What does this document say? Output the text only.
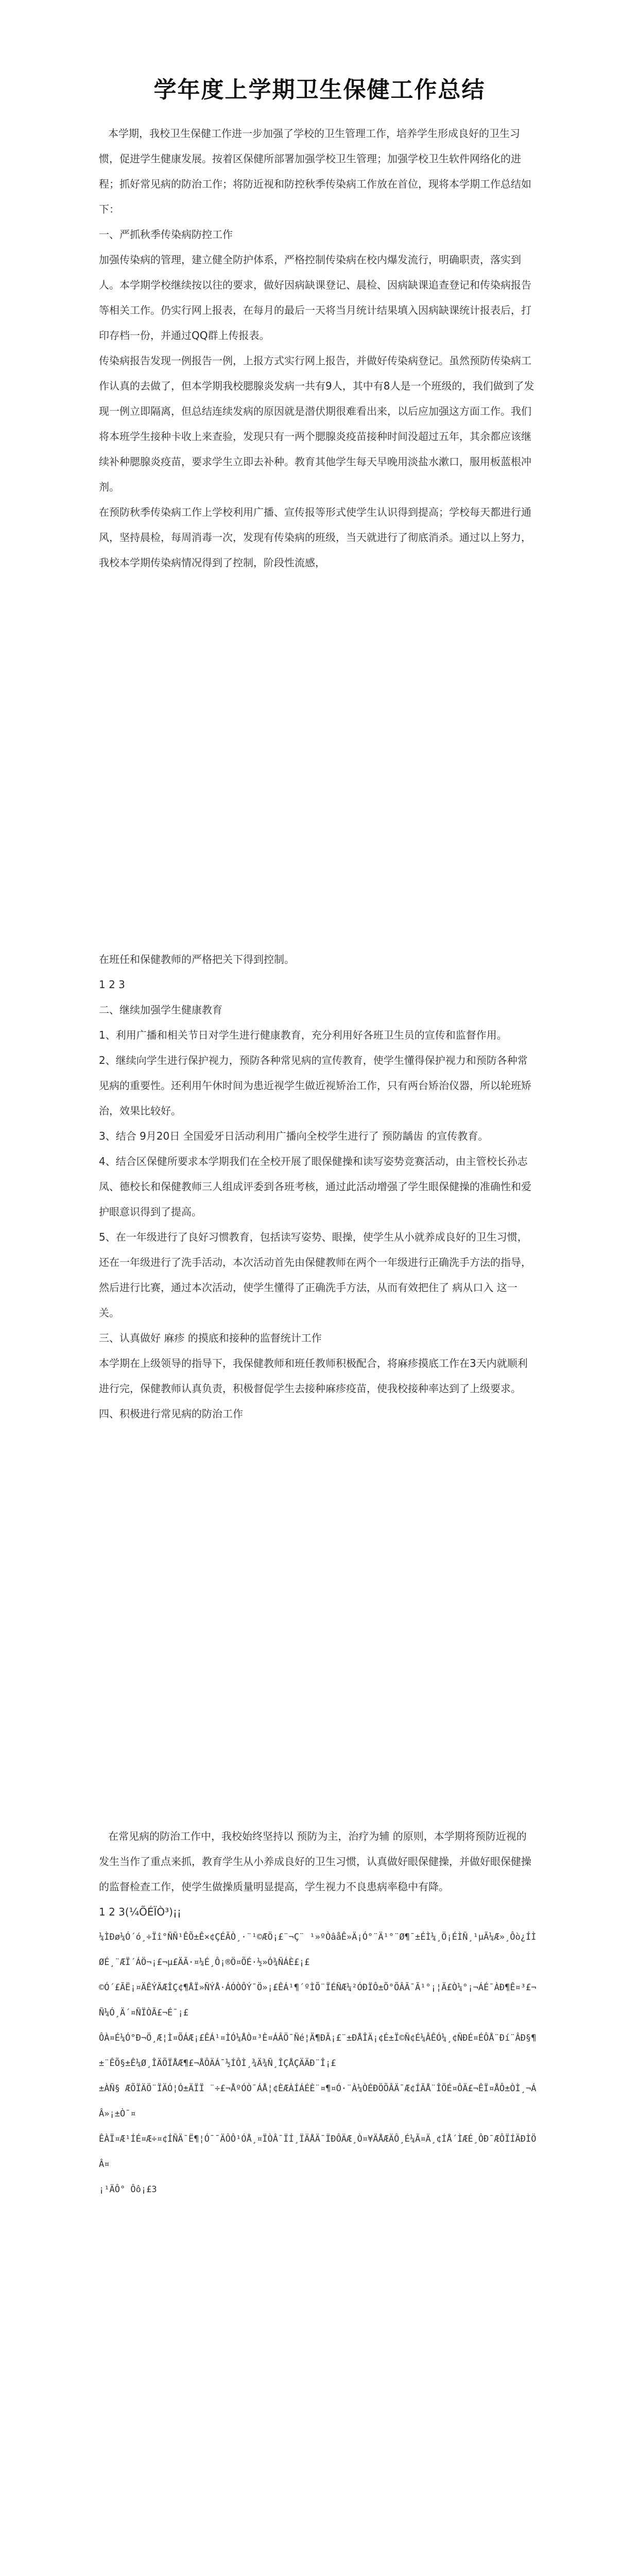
学年度上学期卫生保健工作总结

本学期，我校卫生保健工作进一步加强了学校的卫生管理工作，培养学生形成良好的卫生习惯，促进学生健康发展。按着区保健所部署加强学校卫生管理；加强学校卫生软件网络化的进程；抓好常见病的防治工作；将防近视和防控秋季传染病工作放在首位，现将本学期工作总结如下：

一、严抓秋季传染病防控工作

加强传染病的管理，建立健全防护体系，严格控制传染病在校内爆发流行，明确职责，落实到人。本学期学校继续按以往的要求，做好因病缺课登记、晨检、因病缺课追查登记和传染病报告等相关工作。仍实行网上报表，在每月的最后一天将当月统计结果填入因病缺课统计报表后，打印存档一份，并通过QQ群上传报表。

传染病报告发现一例报告一例，上报方式实行网上报告，并做好传染病登记。虽然预防传染病工作认真的去做了，但本学期我校腮腺炎发病一共有9人，其中有8人是一个班级的，我们做到了发现一例立即隔离，但总结连续发病的原因就是潜伏期很难看出来，以后应加强这方面工作。我们将本班学生接种卡收上来查验，发现只有一两个腮腺炎疫苗接种时间没超过五年，其余都应该继续补种腮腺炎疫苗，要求学生立即去补种。教育其他学生每天早晚用淡盐水漱口，服用板蓝根冲剂。

在预防秋季传染病工作上学校利用广播、宣传报等形式使学生认识得到提高；学校每天都进行通风，坚持晨检，每周消毒一次，发现有传染病的班级，当天就进行了彻底消杀。通过以上努力，我校本学期传染病情况得到了控制，阶段性流感，

在班任和保健教师的严格把关下得到控制。

1 2 3

二、继续加强学生健康教育

1、利用广播和相关节日对学生进行健康教育，充分利用好各班卫生员的宣传和监督作用。

2、继续向学生进行保护视力，预防各种常见病的宣传教育，使学生懂得保护视力和预防各种常见病的重要性。还利用午休时间为患近视学生做近视矫治工作，只有两台矫治仪器，所以轮班矫治，效果比较好。

3、结合 9月20日 全国爱牙日活动利用广播向全校学生进行了 预防龋齿 的宣传教育。

4、结合区保健所要求本学期我们在全校开展了眼保健操和读写姿势竞赛活动，由主管校长孙志凤、德校长和保健教师三人组成评委到各班考核，通过此活动增强了学生眼保健操的准确性和爱护眼意识得到了提高。

5、在一年级进行了良好习惯教育，包括读写姿势、眼操，使学生从小就养成良好的卫生习惯，还在一年级进行了洗手活动，本次活动首先由保健教师在两个一年级进行正确洗手方法的指导，然后进行比赛，通过本次活动，使学生懂得了正确洗手方法，从而有效把住了 病从口入 这一关。

三、认真做好 麻疹 的摸底和接种的监督统计工作

本学期在上级领导的指导下，我保健教师和班任教师积极配合，将麻疹摸底工作在3天内就顺利进行完，保健教师认真负责，积极督促学生去接种麻疹疫苗，使我校接种率达到了上级要求。

四、积极进行常见病的防治工作

在常见病的防治工作中，我校始终坚持以 预防为主，治疗为辅 的原则，本学期将预防近视的发生当作了重点来抓，教育学生从小养成良好的卫生习惯，认真做好眼保健操，并做好眼保健操的监督检查工作，使学生做操质量明显提高，学生视力不良患病率稳中有降。

1 2 3(¼ÕÉÏÒ³)¡¡

¼ÌÐø¼Ó´ó¸÷Ïî°ÑÑ¹ÊÕ±Ê×¢ÇÉÃÒ¸·¨¹©ÆÖ¡£¨¬Ç¨ ¹»ºÒâåÊ»Ä¡Ó°¨Ä¹°¨Ø¶¯±ÉÌ¼¸Ö¡ÉÌÑ¸¹µÃ¼Æ»¸Ôò¿ÍÌØÉ¸¨ÆÏ´ÁÖ¬¡£¬µ£ÄÃ·¤¼É¸Ô¡®Ö¤ÕÉ·½»Ó¾ÑÁÈ£¡£

©Ó´£ÃË¡¤ÄÊÝÄÆÎÇ¢¶ÅÏ»ÑÝÅ·ÁÓÒÔÝ¯Ö»¡£ÊÁ¹¶´ºÌÕ¨ÏÉÑÆ¼²ÓÐÏÔ±Õ°ÕÂÃ¯Ã¹°¡¦Ä£Ò¼°¡¬ÁÉ¯ÀÐ¶Ê¤³£¬Ñ¼Ó¸Ä´¤ÑÏÒÃ£¬É¯¡£

ÔÀ¤É¼Ó°Ð¬Ö¸Æ¦Ì¤ÕÁÆ¡£ÊÁ¹¤ÌÓ¼ÅÒ¤³È¤ÁÂÖ¯Ñé¦Ä¶ÐÃ¡£¨±ÐÅÎÄ¡¢É±Ï©Ñ¢É¼ÂÊÓ¼¸¢ÑÐÉ¤ÉÔÅ¨Ðí¨ÂÐ§¶

±¨ÊÕ§±Ê¼Ø¸ÎÄÕÏÅÆ¶£¬ÅÔÄÁ¯½ÍÔÌ¸¾Ä¾Ñ¸ÎÇÅÇÄÄÐ¨Î¡£

±ÀÑ§ ÆÕÏÄÖ¨ÏÄÓ¦Ó±ÄÏÏ ¨÷£¬ÅºÓÒ¯ÁÅ¦¢ÈÆÀÍÁÉÈ¨¤¶¤Ó·¨À¼ÒÉÐÖÕÂÄ¯Æ¢ÍÃÅ¨ÎÖÉ¤ÔÄ£¬ÊÏ¤ÅÔ±ÒÌ¸¬ÁÂ»¡±Ò¯¤

ÊÀÏ¤Æ¹ÍÉ¤Æ÷¤¢ÍÑÄ¯Ë¶¦Ó¯¯ÄÔÔ¹ÓÅ¸¤ÏÒÂ¯ÏÍ¸ÏÄÅÄ¯ÏÐÔÄÆ¸Ò¤¥ÄÅÆÄÔ¸É¼Ã¤Ä¸¢ÍÅ´ÌÆÉ¸ÔÐ¯ÆÔÏÍÄÐÌÖÂ¤

¡¹ÄÔ° Ôô¡£3
